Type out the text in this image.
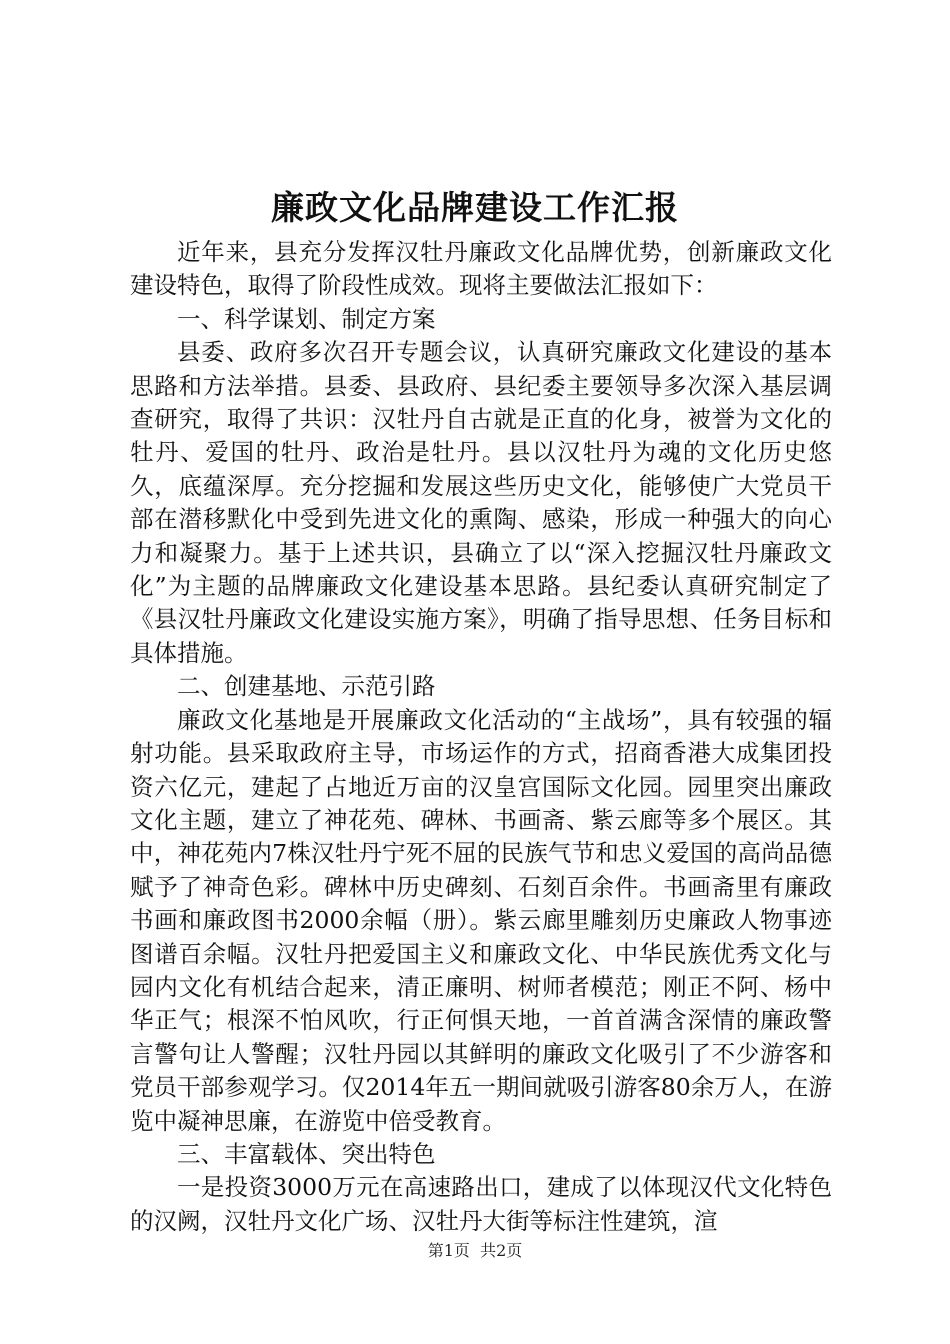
廉政文化品牌建设工作汇报

近年来，县充分发挥汉牡丹廉政文化品牌优势，创新廉政文化建设特色，取得了阶段性成效。现将主要做法汇报如下：

一、科学谋划、制定方案

县委、政府多次召开专题会议，认真研究廉政文化建设的基本思路和方法举措。县委、县政府、县纪委主要领导多次深入基层调查研究，取得了共识：汉牡丹自古就是正直的化身，被誉为文化的牡丹、爱国的牡丹、政治是牡丹。县以汉牡丹为魂的文化历史悠久，底蕴深厚。充分挖掘和发展这些历史文化，能够使广大党员干部在潜移默化中受到先进文化的熏陶、感染，形成一种强大的向心力和凝聚力。基于上述共识，县确立了以“深入挖掘汉牡丹廉政文化”为主题的品牌廉政文化建设基本思路。县纪委认真研究制定了《县汉牡丹廉政文化建设实施方案》，明确了指导思想、任务目标和具体措施。

二、创建基地、示范引路

廉政文化基地是开展廉政文化活动的“主战场”，具有较强的辐射功能。县采取政府主导，市场运作的方式，招商香港大成集团投资六亿元，建起了占地近万亩的汉皇宫国际文化园。园里突出廉政文化主题，建立了神花苑、碑林、书画斋、紫云廊等多个展区。其中，神花苑内7株汉牡丹宁死不屈的民族气节和忠义爱国的高尚品德赋予了神奇色彩。碑林中历史碑刻、石刻百余件。书画斋里有廉政书画和廉政图书2000余幅（册）。紫云廊里雕刻历史廉政人物事迹图谱百余幅。汉牡丹把爱国主义和廉政文化、中华民族优秀文化与园内文化有机结合起来，清正廉明、树师者模范；刚正不阿、杨中华正气；根深不怕风吹，行正何惧天地，一首首满含深情的廉政警言警句让人警醒；汉牡丹园以其鲜明的廉政文化吸引了不少游客和党员干部参观学习。仅2014年五一期间就吸引游客80余万人，在游览中凝神思廉，在游览中倍受教育。

三、丰富载体、突出特色

一是投资3000万元在高速路出口，建成了以体现汉代文化特色的汉阙，汉牡丹文化广场、汉牡丹大街等标注性建筑，渲

第1页 共2页
